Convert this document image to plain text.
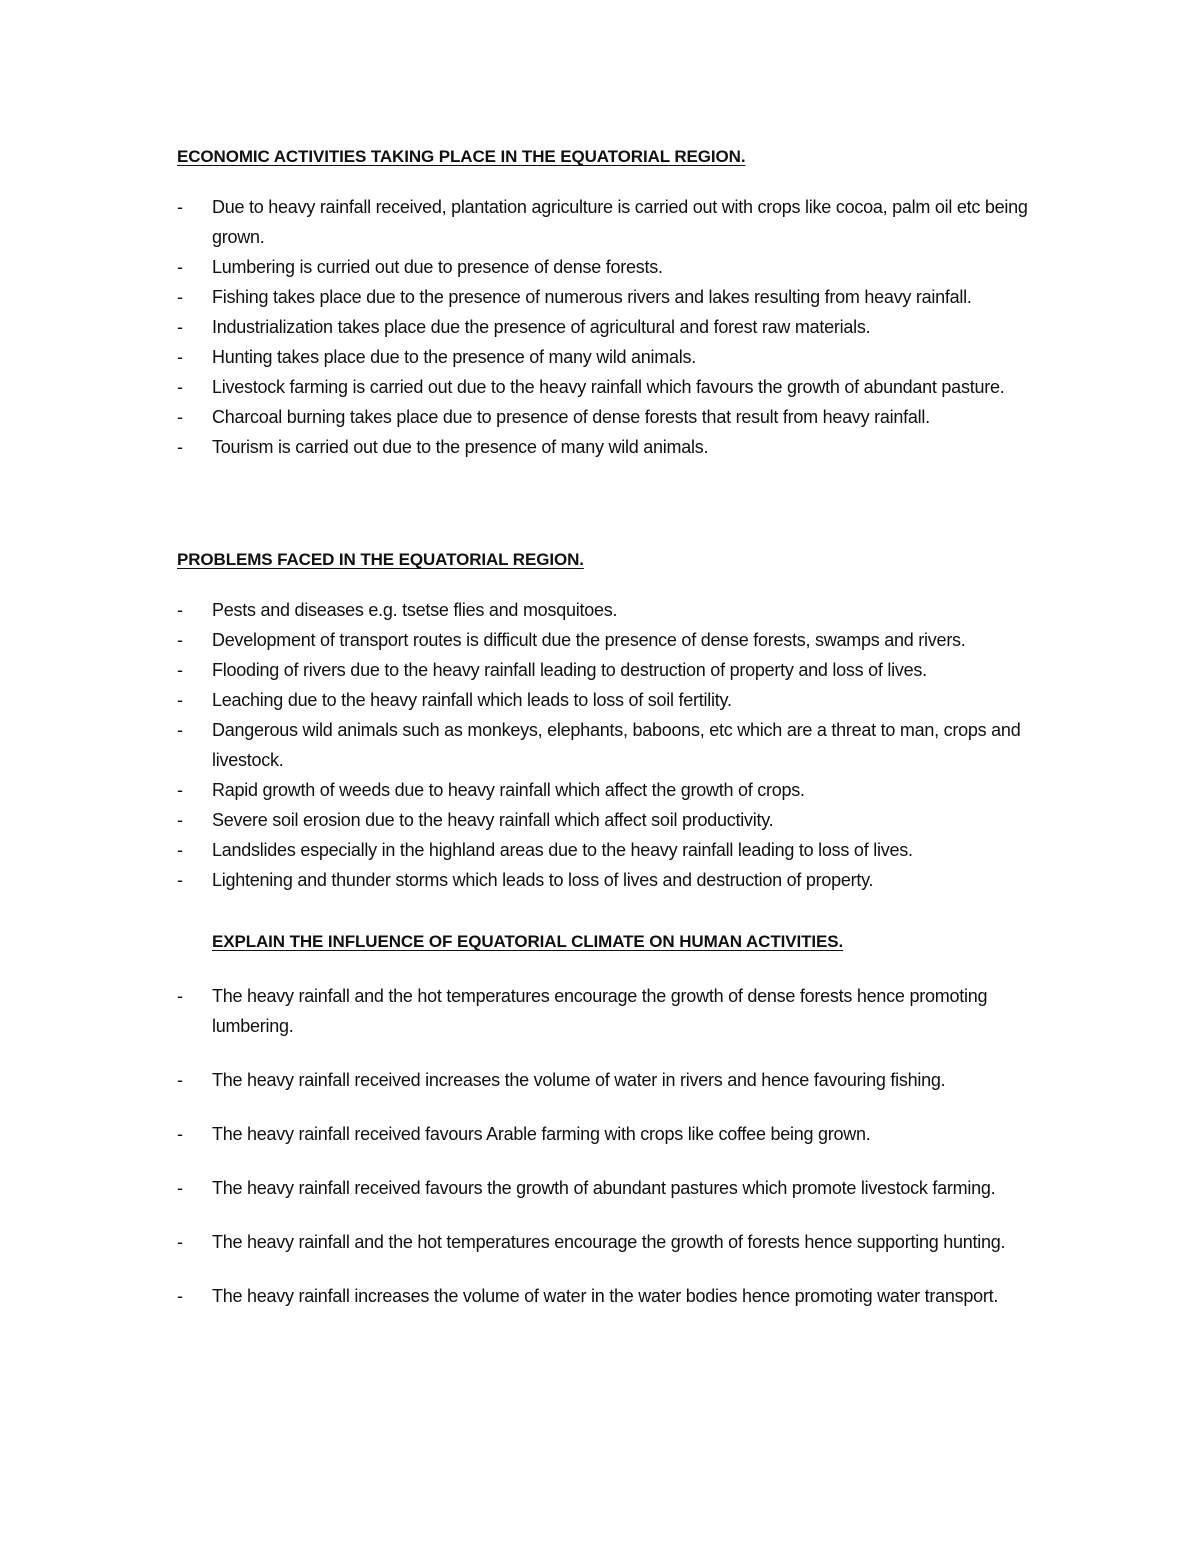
ECONOMIC ACTIVITIES TAKING PLACE IN THE EQUATORIAL REGION.
- Due to heavy rainfall received, plantation agriculture is carried out with crops like cocoa, palm oil etc being grown.
- Lumbering is curried out due to presence of dense forests.
- Fishing takes place due to the presence of numerous rivers and lakes resulting from heavy rainfall.
- Industrialization takes place due the presence of agricultural and forest raw materials.
- Hunting takes place due to the presence of many wild animals.
- Livestock farming is carried out due to the heavy rainfall which favours the growth of abundant pasture.
- Charcoal burning takes place due to presence of dense forests that result from heavy rainfall.
- Tourism is carried out due to the presence of many wild animals.
PROBLEMS FACED IN THE EQUATORIAL REGION.
- Pests and diseases e.g. tsetse flies and mosquitoes.
- Development of transport routes is difficult due the presence of dense forests, swamps and rivers.
- Flooding of rivers due to the heavy rainfall leading to destruction of property and loss of lives.
- Leaching due to the heavy rainfall which leads to loss of soil fertility.
- Dangerous wild animals such as monkeys, elephants, baboons, etc which are a threat to man, crops and livestock.
- Rapid growth of weeds due to heavy rainfall which affect the growth of crops.
- Severe soil erosion due to the heavy rainfall which affect soil productivity.
- Landslides especially in the highland areas due to the heavy rainfall leading to loss of lives.
- Lightening and thunder storms which leads to loss of lives and destruction of property.
EXPLAIN THE INFLUENCE OF EQUATORIAL CLIMATE ON HUMAN ACTIVITIES.
- The heavy rainfall and the hot temperatures encourage the growth of dense forests hence promoting lumbering.
- The heavy rainfall received increases the volume of water in rivers and hence favouring fishing.
- The heavy rainfall received favours Arable farming with crops like coffee being grown.
- The heavy rainfall received favours the growth of abundant pastures which promote livestock farming.
- The heavy rainfall and the hot temperatures encourage the growth of forests hence supporting hunting.
- The heavy rainfall increases the volume of water in the water bodies hence promoting water transport.
